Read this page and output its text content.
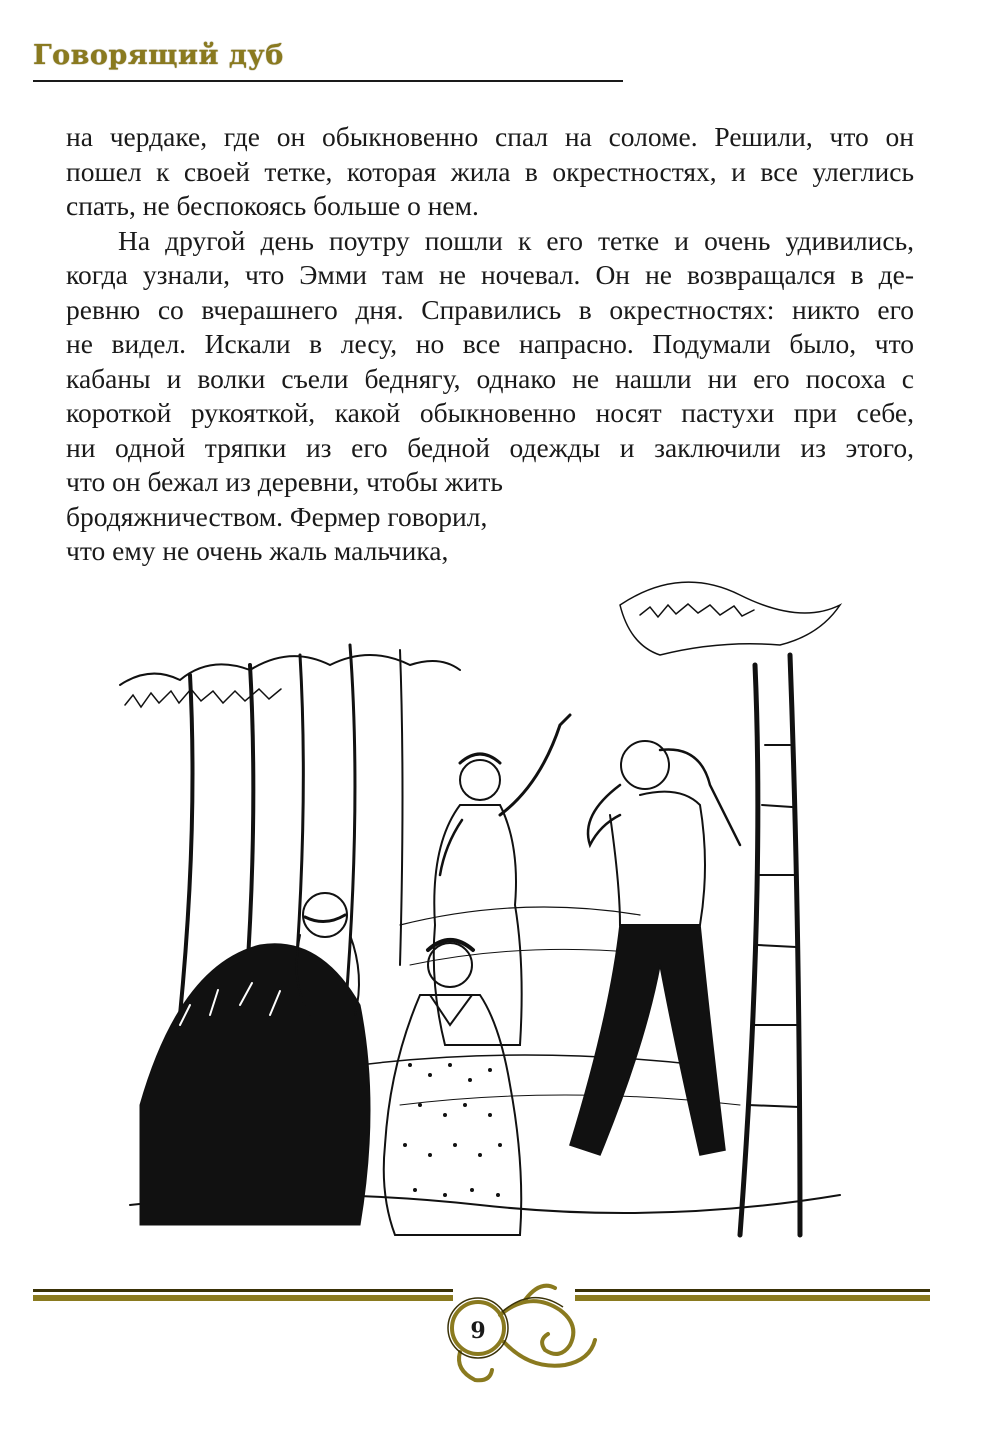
Говорящий дуб

на чердаке, где он обыкновенно спал на соломе. Решили, что он
пошел к своей тетке, которая жила в окрестностях, и все улеглись
спать, не беспокоясь больше о нем.

На другой день поутру пошли к его тетке и очень удивились,
когда узнали, что Эмми там не ночевал. Он не возвращался в де-
ревню со вчерашнего дня. Справились в окрестностях: никто его
не видел. Искали в лесу, но все напрасно. Подумали было, что
кабаны и волки съели беднягу, однако не нашли ни его посоха с
короткой рукояткой, какой обыкновенно носят пастухи при себе,
ни одной тряпки из его бедной одежды и заключили из этого,
что он бежал из деревни, чтобы жить
бродяжничеством. Фермер говорил,
что ему не очень жаль мальчика,

9
